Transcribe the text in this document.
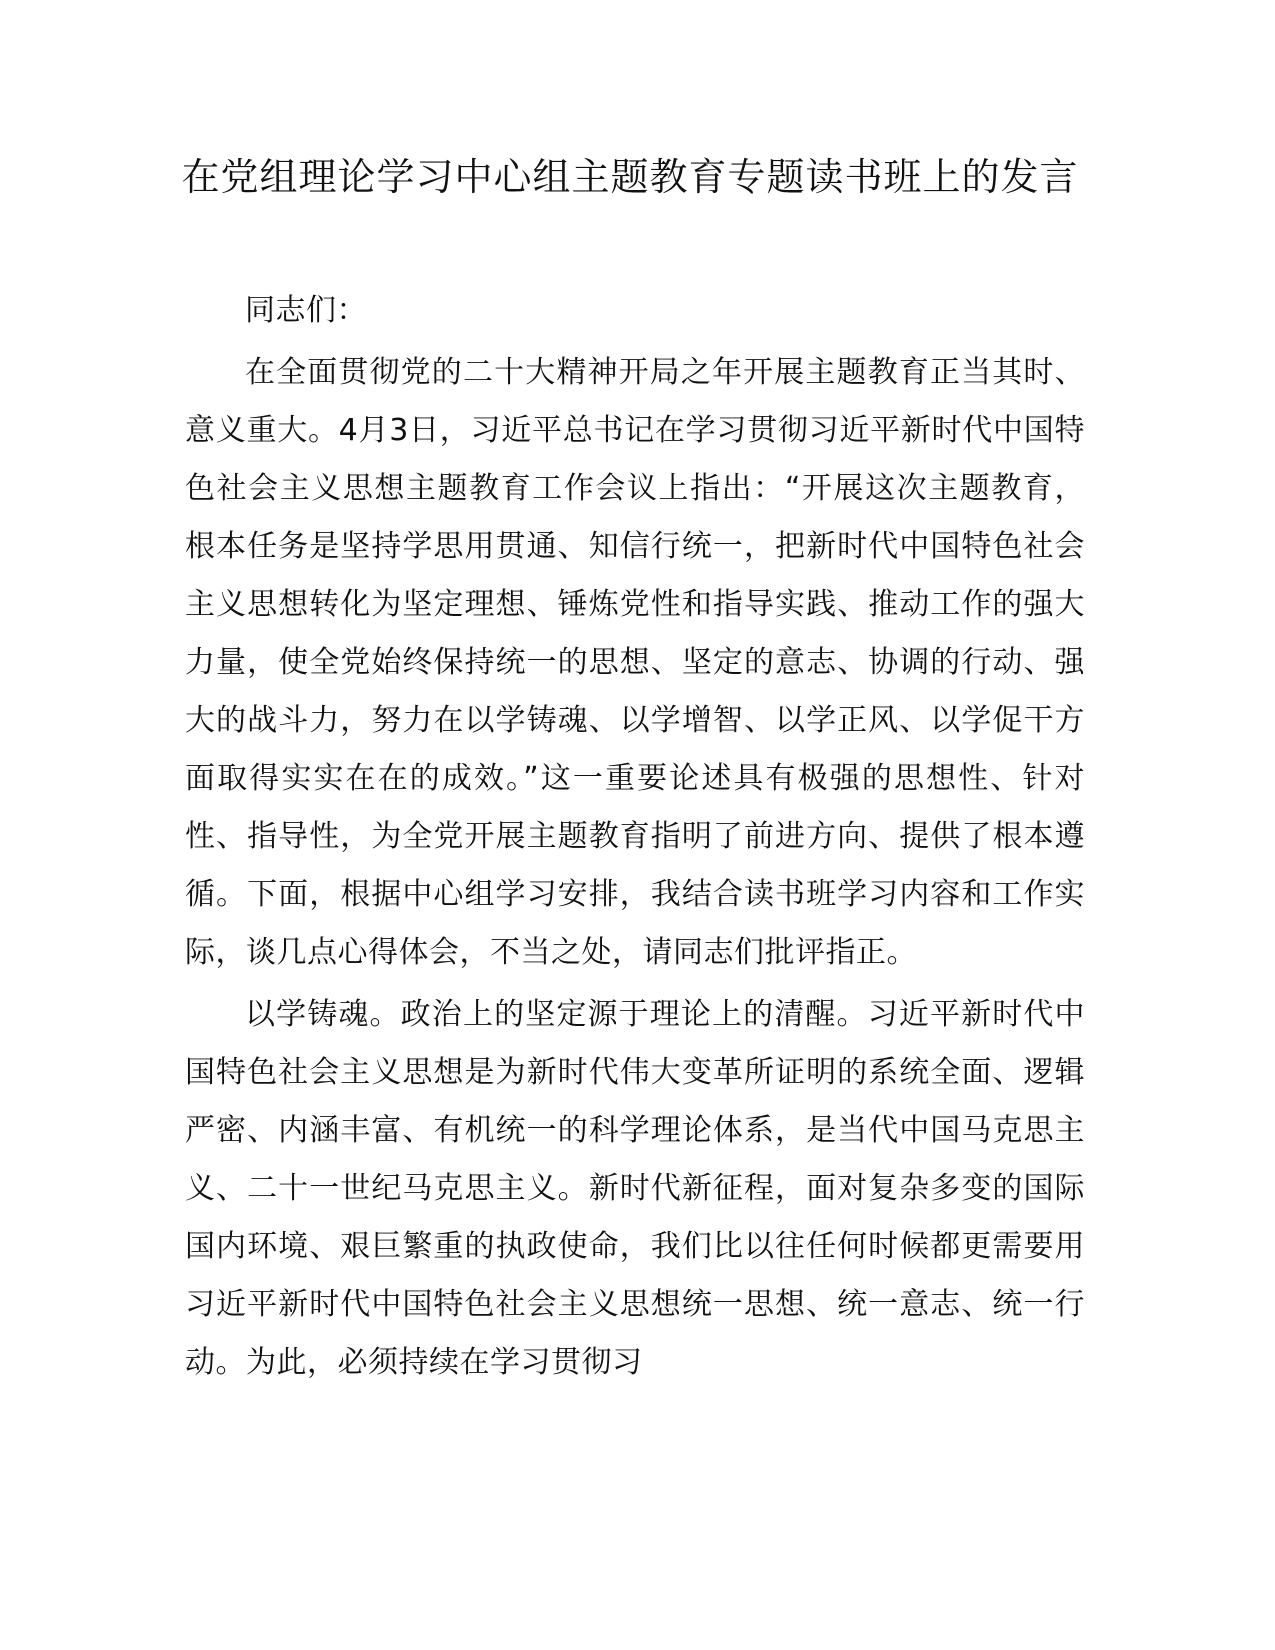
在党组理论学习中心组主题教育专题读书班上的发言

同志们：

在全面贯彻党的二十大精神开局之年开展主题教育正当其时、意义重大。4月3日，习近平总书记在学习贯彻习近平新时代中国特色社会主义思想主题教育工作会议上指出：“开展这次主题教育，根本任务是坚持学思用贯通、知信行统一，把新时代中国特色社会主义思想转化为坚定理想、锤炼党性和指导实践、推动工作的强大力量，使全党始终保持统一的思想、坚定的意志、协调的行动、强大的战斗力，努力在以学铸魂、以学增智、以学正风、以学促干方面取得实实在在的成效。”这一重要论述具有极强的思想性、针对性、指导性，为全党开展主题教育指明了前进方向、提供了根本遵循。下面，根据中心组学习安排，我结合读书班学习内容和工作实际，谈几点心得体会，不当之处，请同志们批评指正。

以学铸魂。政治上的坚定源于理论上的清醒。习近平新时代中国特色社会主义思想是为新时代伟大变革所证明的系统全面、逻辑严密、内涵丰富、有机统一的科学理论体系，是当代中国马克思主义、二十一世纪马克思主义。新时代新征程，面对复杂多变的国际国内环境、艰巨繁重的执政使命，我们比以往任何时候都更需要用习近平新时代中国特色社会主义思想统一思想、统一意志、统一行动。为此，必须持续在学习贯彻习
